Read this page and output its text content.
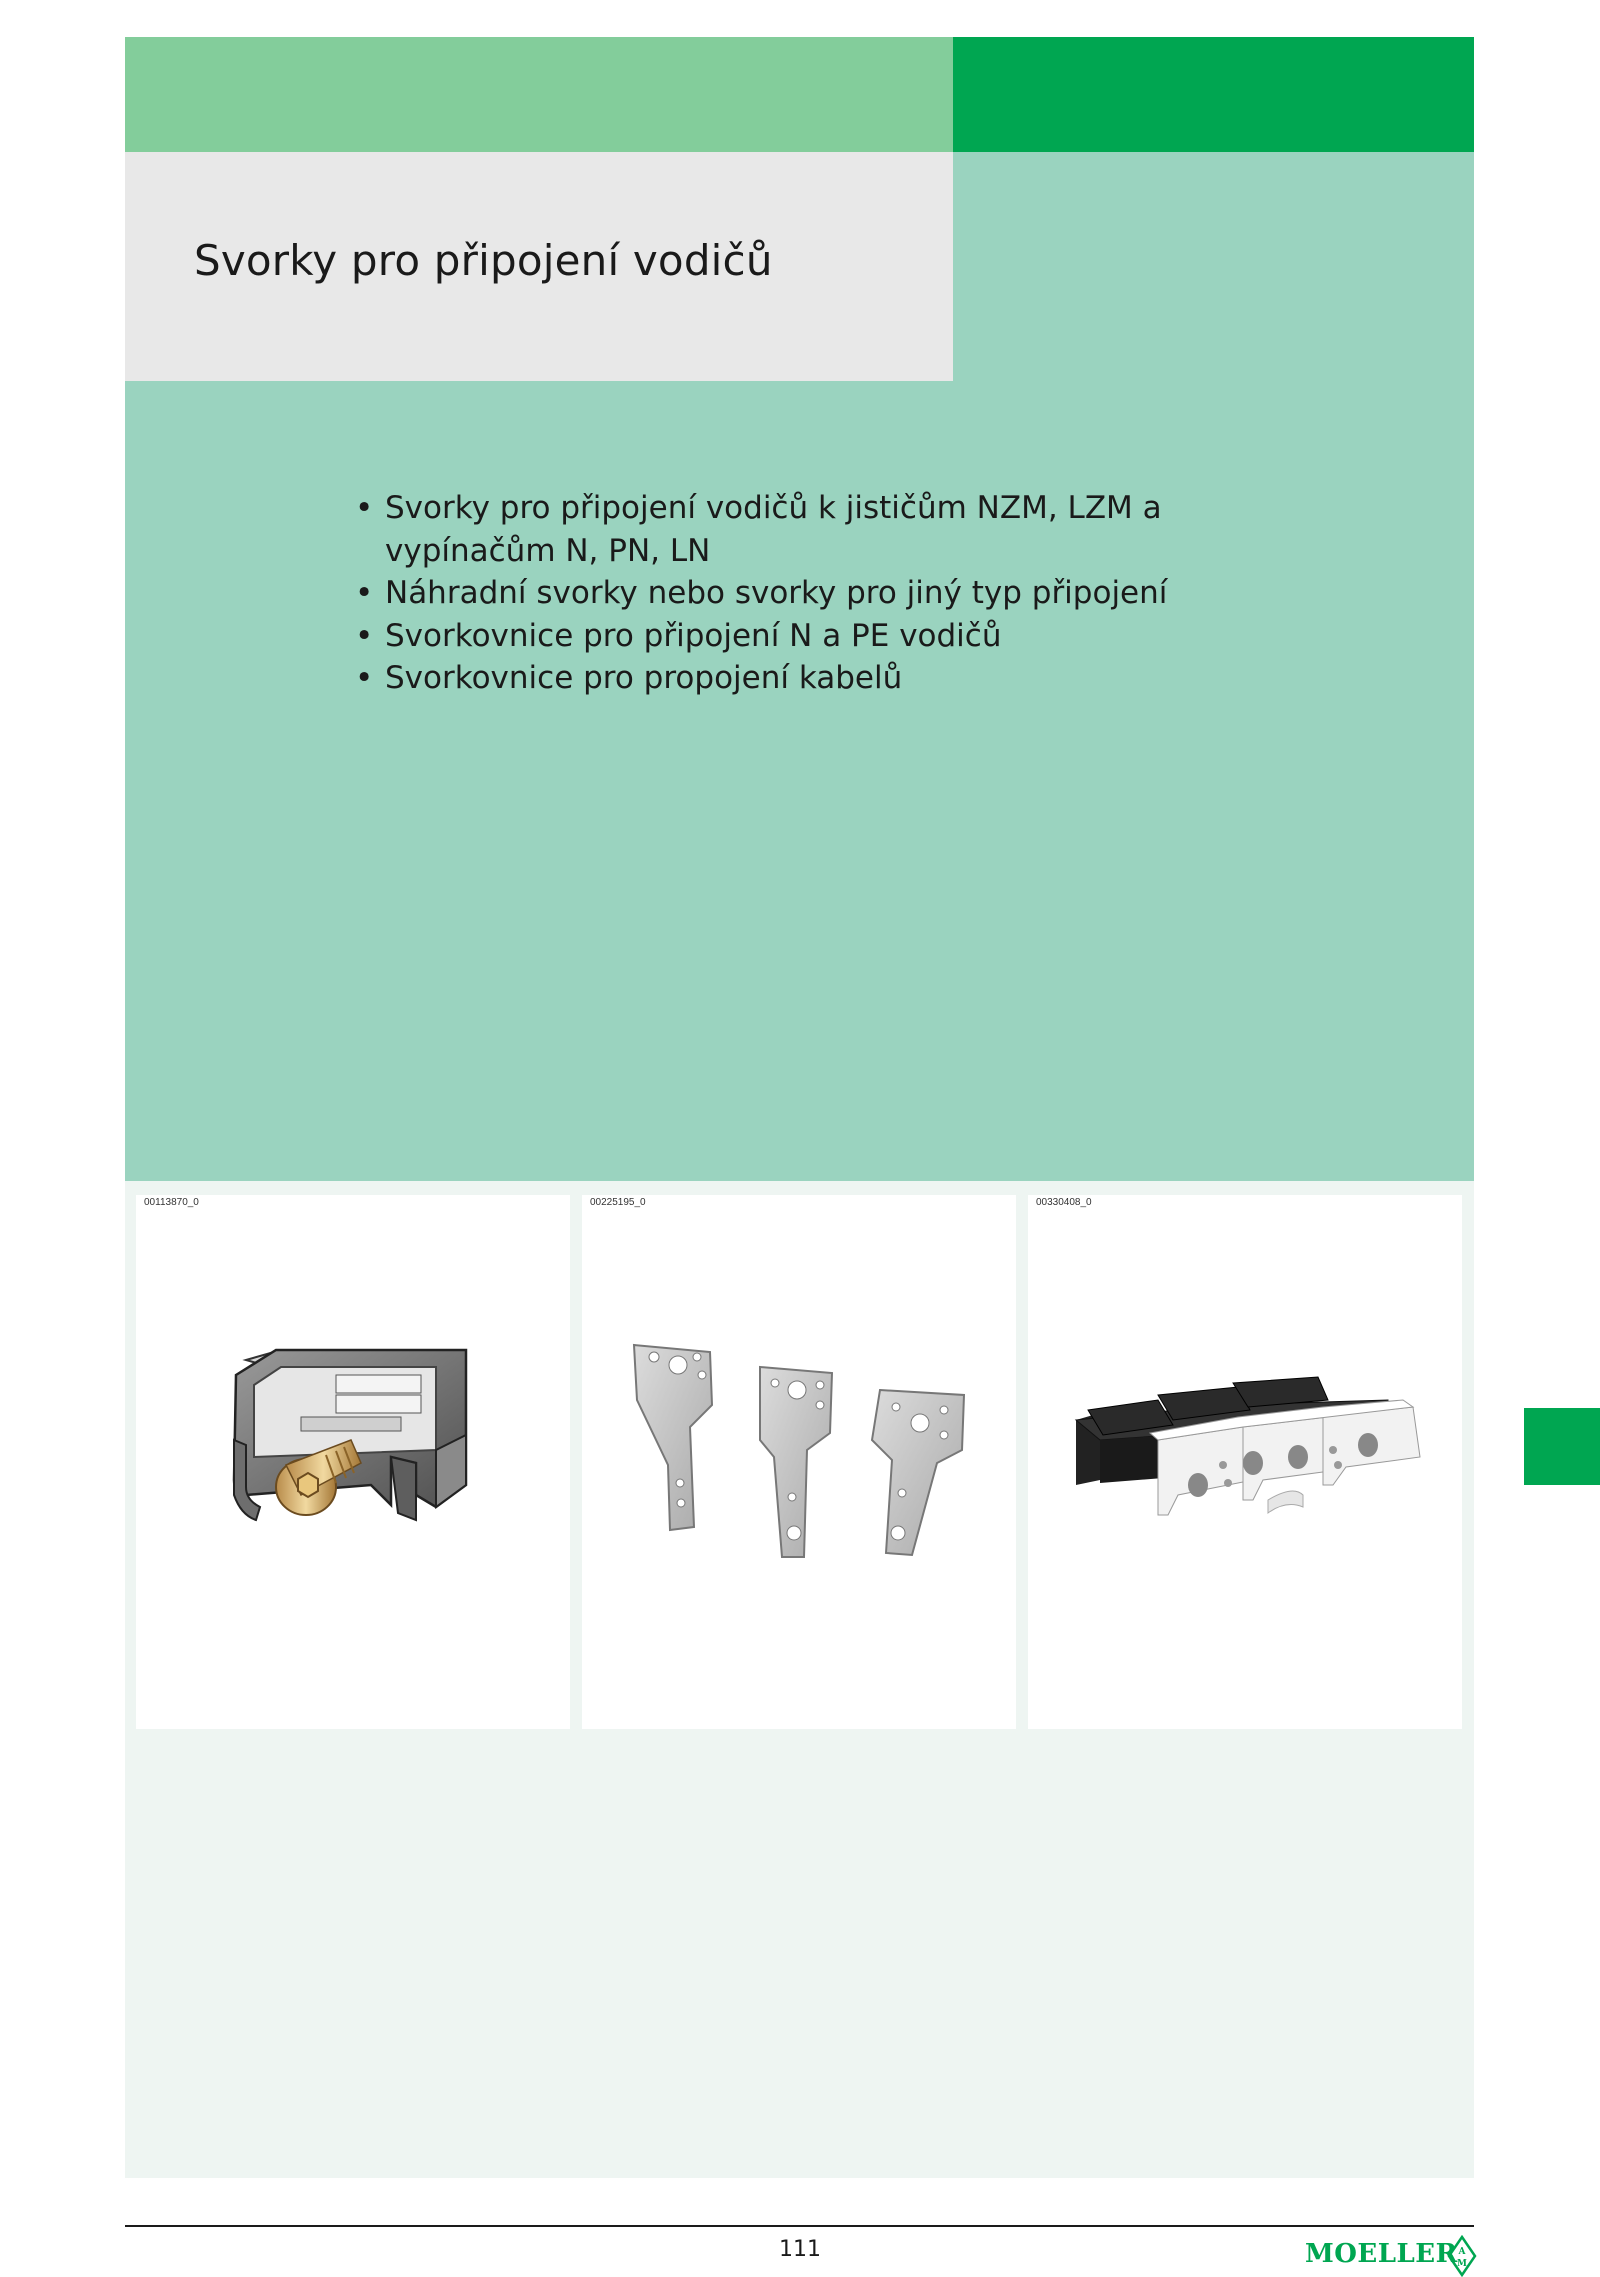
Svorky pro připojení vodičů
• Svorky pro připojení vodičů k jističům NZM, LZM a vypínačům N, PN, LN
• Náhradní svorky nebo svorky pro jiný typ připojení
• Svorkovnice pro připojení N a PE vodičů
• Svorkovnice pro propojení kabelů
00113870_0	00225195_0	00330408_0
111	MOELLER A
M
